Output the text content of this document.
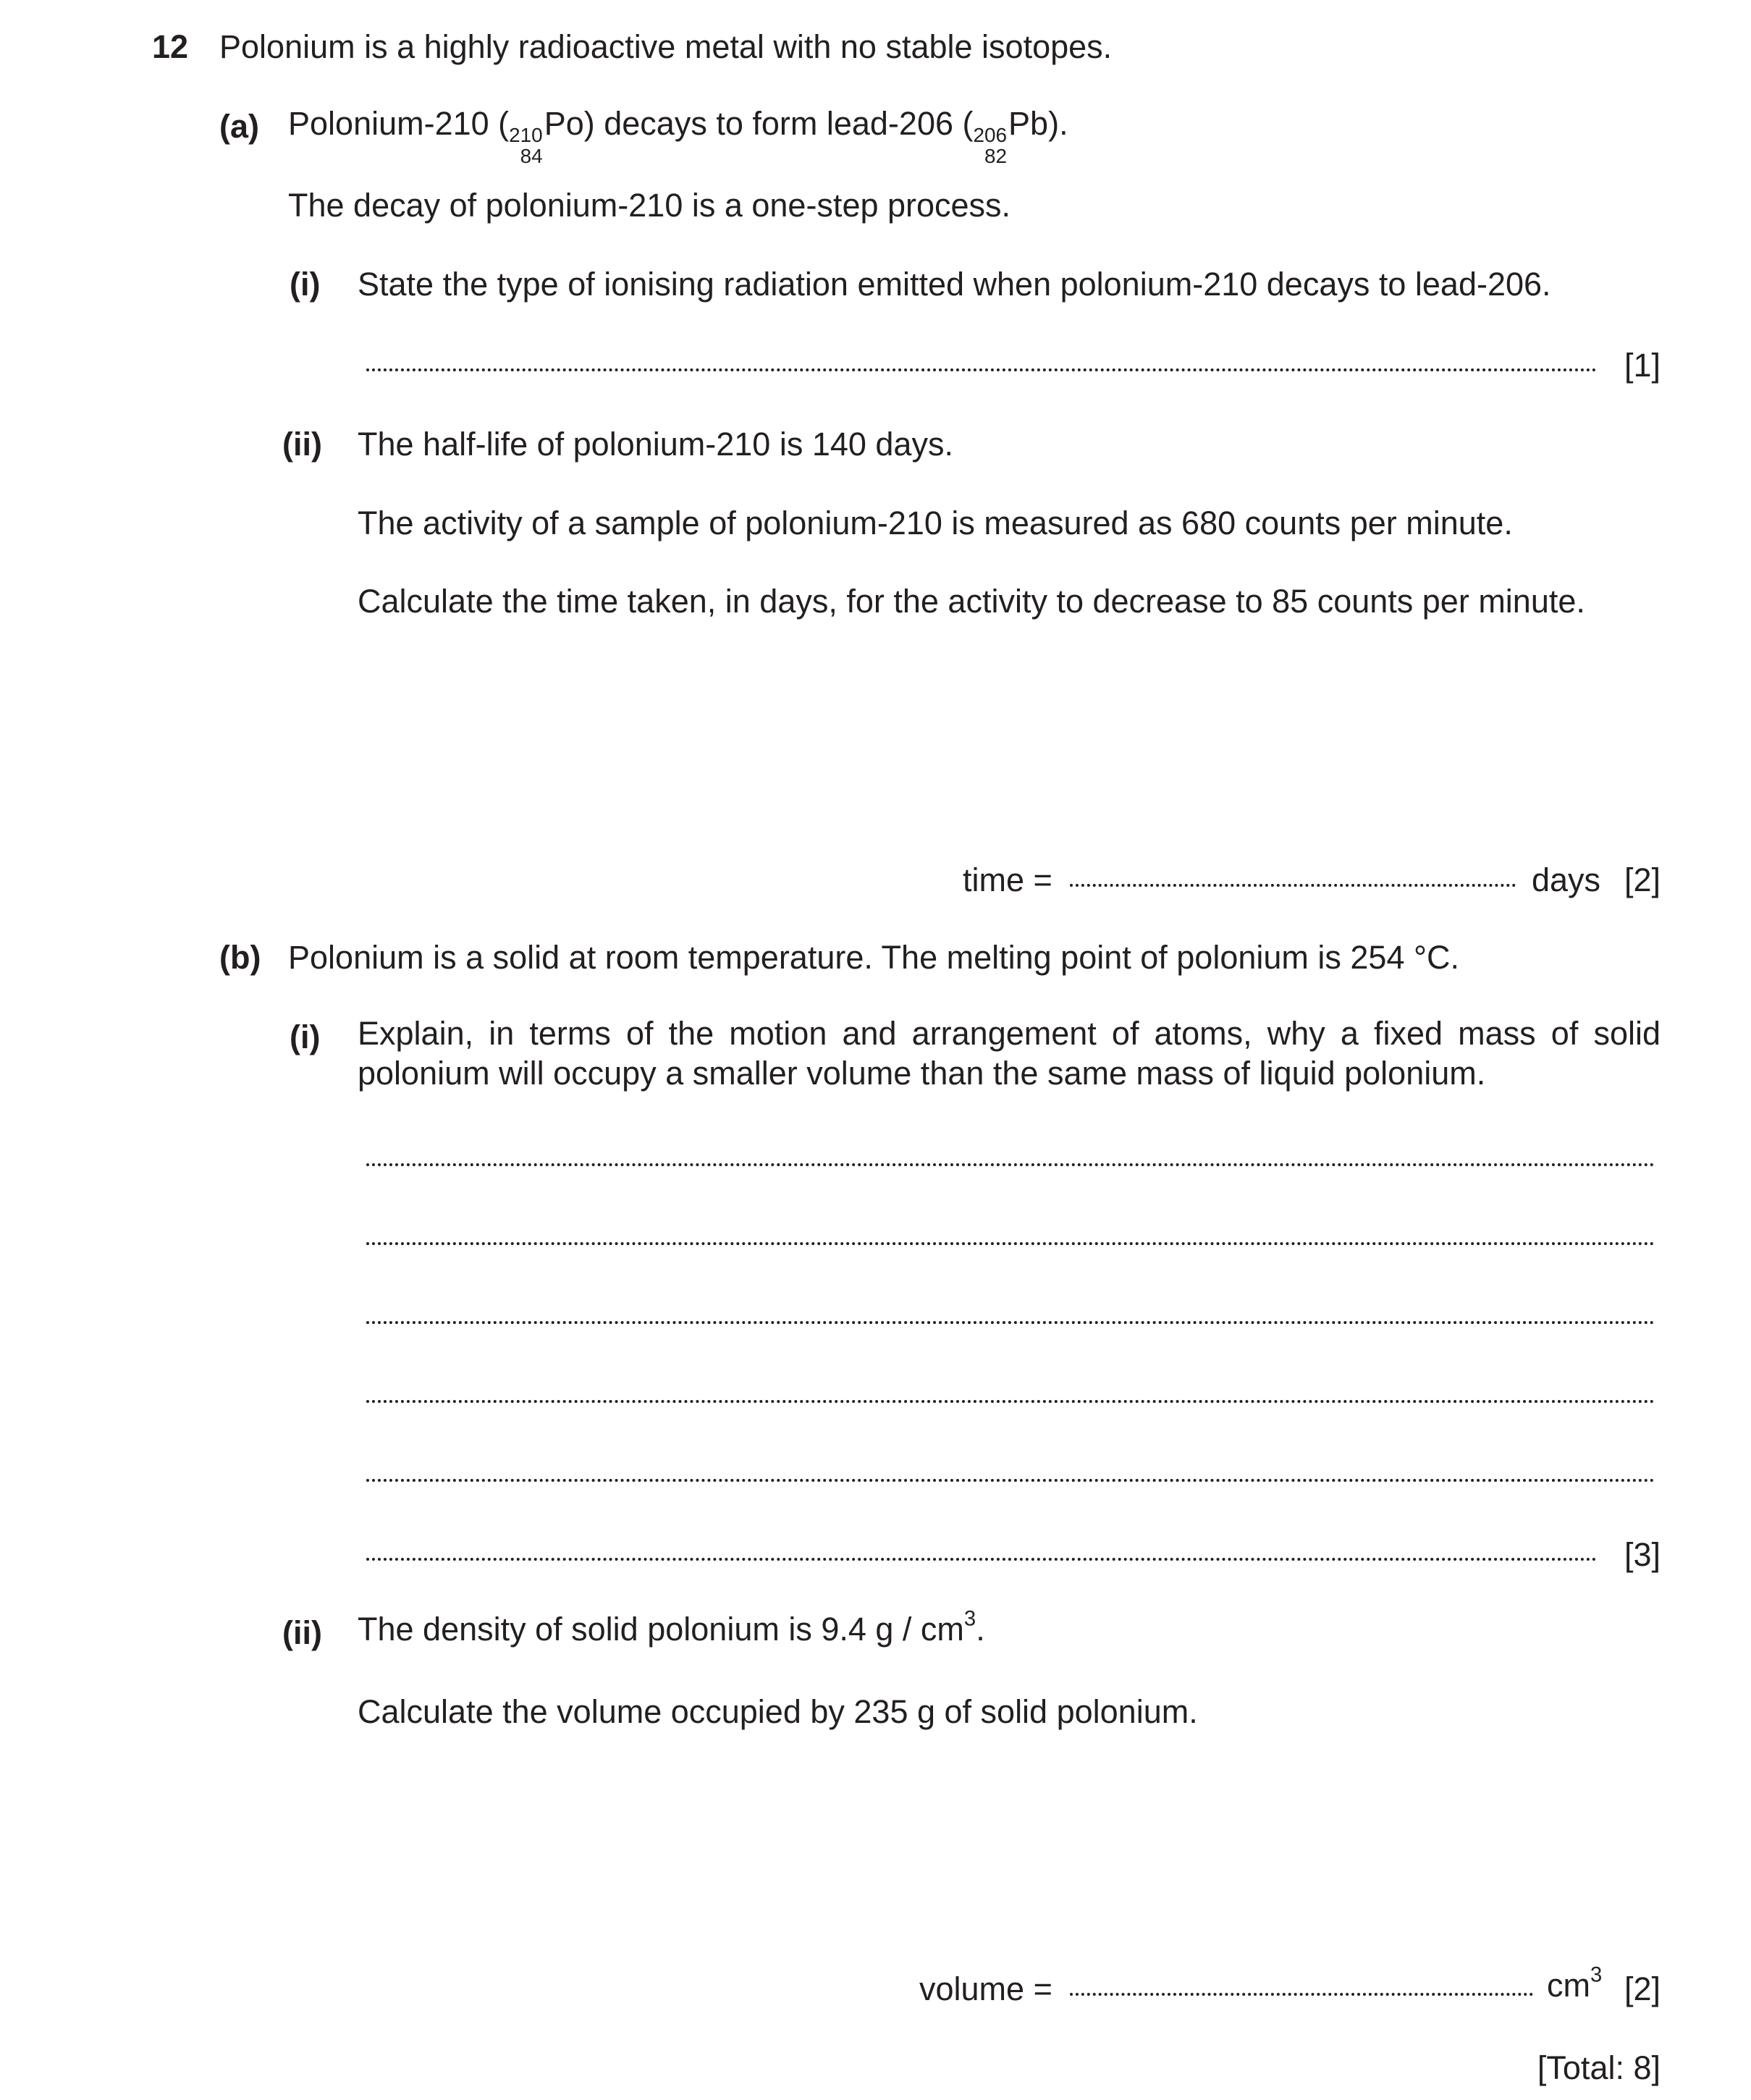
12 Polonium is a highly radioactive metal with no stable isotopes.
(a) Polonium-210 ( 210
84
Po) decays to form lead-206 ( 206
82
Pb).
The decay of polonium-210 is a one-step process.
(i) State the type of ionising radiation emitted when polonium-210 decays to lead-206.
[1]
(ii) The half-life of polonium-210 is 140 days.
The activity of a sample of polonium-210 is measured as 680 counts per minute.
Calculate the time taken, in days, for the activity to decrease to 85 counts per minute.
time =	days [2]
(b) Polonium is a solid at room temperature. The melting point of polonium is 254 °C.
(i) Explain, in terms of the motion and arrangement of atoms, why a fixed mass of solid polonium will occupy a smaller volume than the same mass of liquid polonium.
[3]
(ii) The density of solid polonium is 9.4 g / $cm^3$.
Calculate the volume occupied by 235 g of solid polonium.
volume =	$cm^3$ [2]
[Total: 8]
